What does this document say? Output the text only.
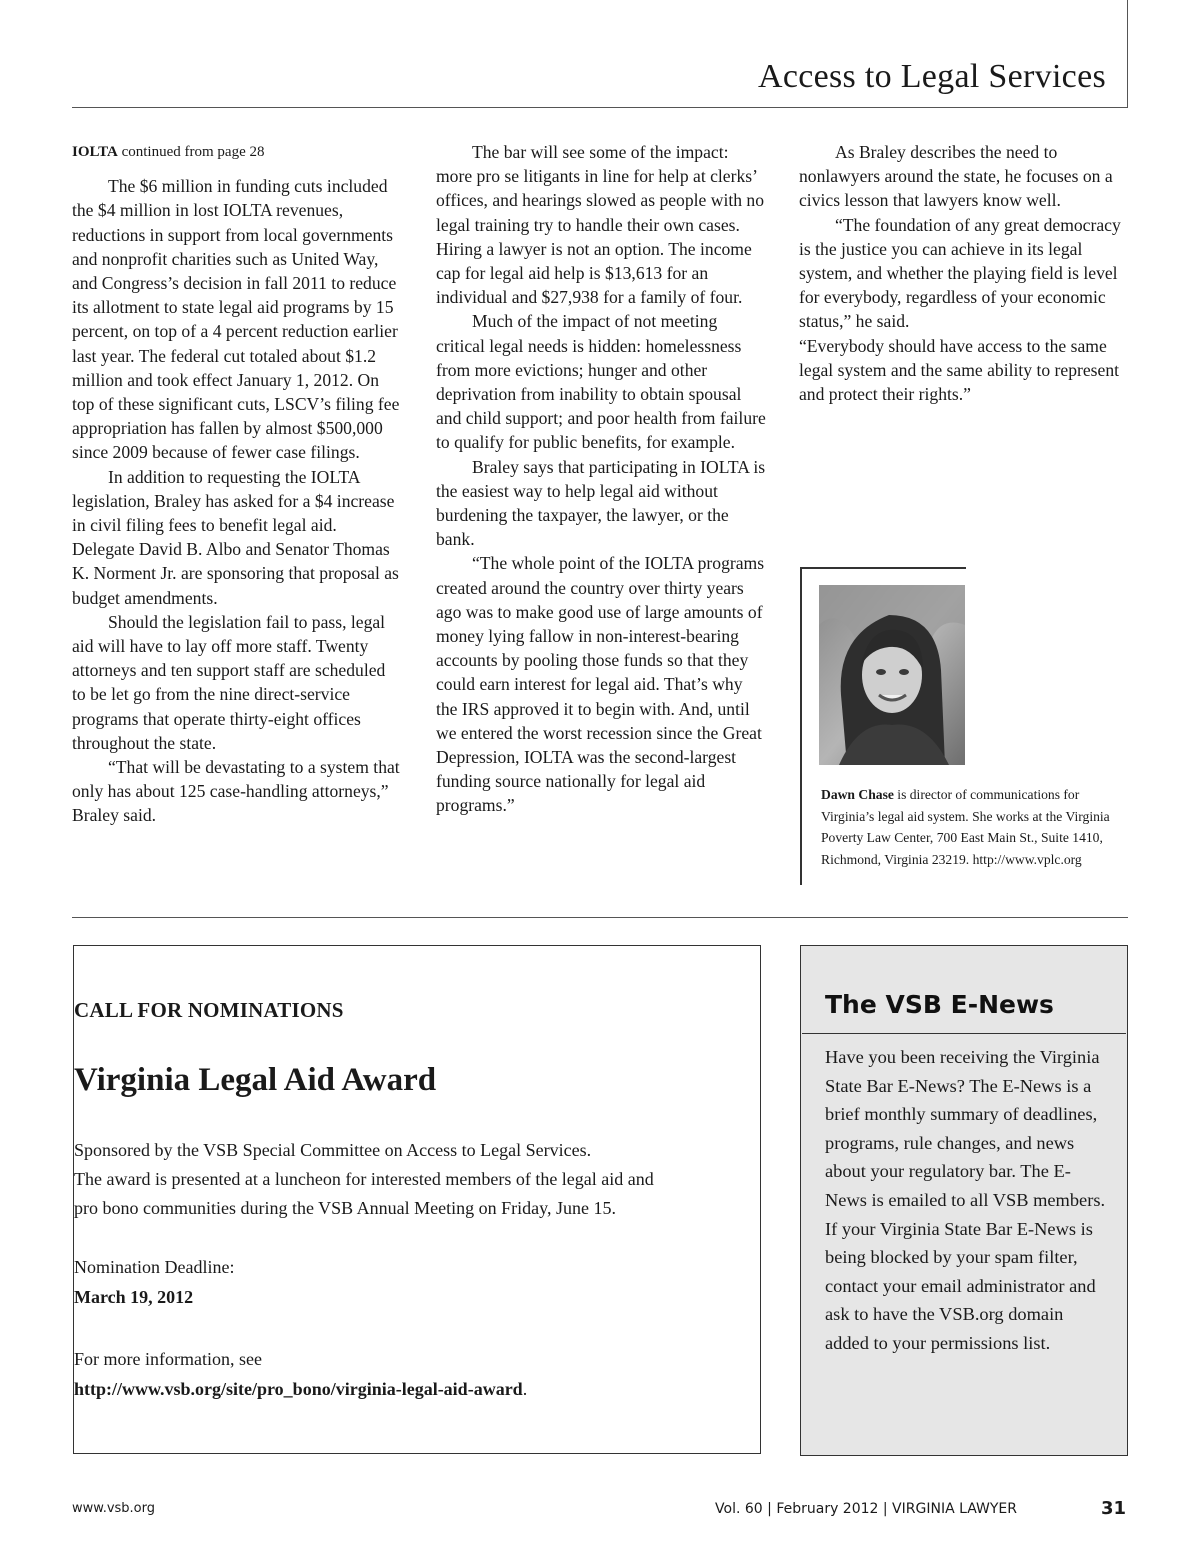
Access to Legal Services

IOLTA continued from page 28

The $6 million in funding cuts included the $4 million in lost IOLTA revenues, reductions in support from local governments and nonprofit charities such as United Way, and Congress’s decision in fall 2011 to reduce its allotment to state legal aid programs by 15 percent, on top of a 4 percent reduction earlier last year. The federal cut totaled about $1.2 million and took effect January 1, 2012. On top of these significant cuts, LSCV’s filing fee appropriation has fallen by almost $500,000 since 2009 because of fewer case filings.

In addition to requesting the IOLTA legislation, Braley has asked for a $4 increase in civil filing fees to benefit legal aid. Delegate David B. Albo and Senator Thomas K. Norment Jr. are sponsoring that proposal as budget amendments.

Should the legislation fail to pass, legal aid will have to lay off more staff. Twenty attorneys and ten support staff are scheduled to be let go from the nine direct-service programs that operate thirty-eight offices throughout the state.

“That will be devastating to a system that only has about 125 case-handling attorneys,” Braley said.

The bar will see some of the impact: more pro se litigants in line for help at clerks’ offices, and hearings slowed as people with no legal training try to handle their own cases. Hiring a lawyer is not an option. The income cap for legal aid help is $13,613 for an individual and $27,938 for a family of four.

Much of the impact of not meeting critical legal needs is hidden: homelessness from more evictions; hunger and other deprivation from inability to obtain spousal and child support; and poor health from failure to qualify for public benefits, for example.

Braley says that participating in IOLTA is the easiest way to help legal aid without burdening the taxpayer, the lawyer, or the bank.

“The whole point of the IOLTA programs created around the country over thirty years ago was to make good use of large amounts of money lying fallow in non-interest-bearing accounts by pooling those funds so that they could earn interest for legal aid. That’s why the IRS approved it to begin with. And, until we entered the worst recession since the Great Depression, IOLTA was the second-largest funding source nationally for legal aid programs.”

As Braley describes the need to nonlawyers around the state, he focuses on a civics lesson that lawyers know well.

“The foundation of any great democracy is the justice you can achieve in its legal system, and whether the playing field is level for everybody, regardless of your economic status,” he said.

“Everybody should have access to the same legal system and the same ability to represent and protect their rights.”

Dawn Chase is director of communications for Virginia’s legal aid system. She works at the Virginia Poverty Law Center, 700 East Main St., Suite 1410, Richmond, Virginia 23219. http://www.vplc.org
CALL FOR NOMINATIONS
Virginia Legal Aid Award
Sponsored by the VSB Special Committee on Access to Legal Services.
The award is presented at a luncheon for interested members of the legal aid and
pro bono communities during the VSB Annual Meeting on Friday, June 15.
Nomination Deadline:
March 19, 2012
For more information, see
http://www.vsb.org/site/pro_bono/virginia-legal-aid-award.
The VSB E-News
Have you been receiving the Virginia State Bar E-News? The E-News is a brief monthly summary of deadlines, programs, rule changes, and news about your regulatory bar. The E-News is emailed to all VSB members. If your Virginia State Bar E-News is being blocked by your spam filter, contact your email administrator and ask to have the VSB.org domain added to your permissions list.
www.vsb.org	Vol. 60 | February 2012 | VIRGINIA LAWYER	31
